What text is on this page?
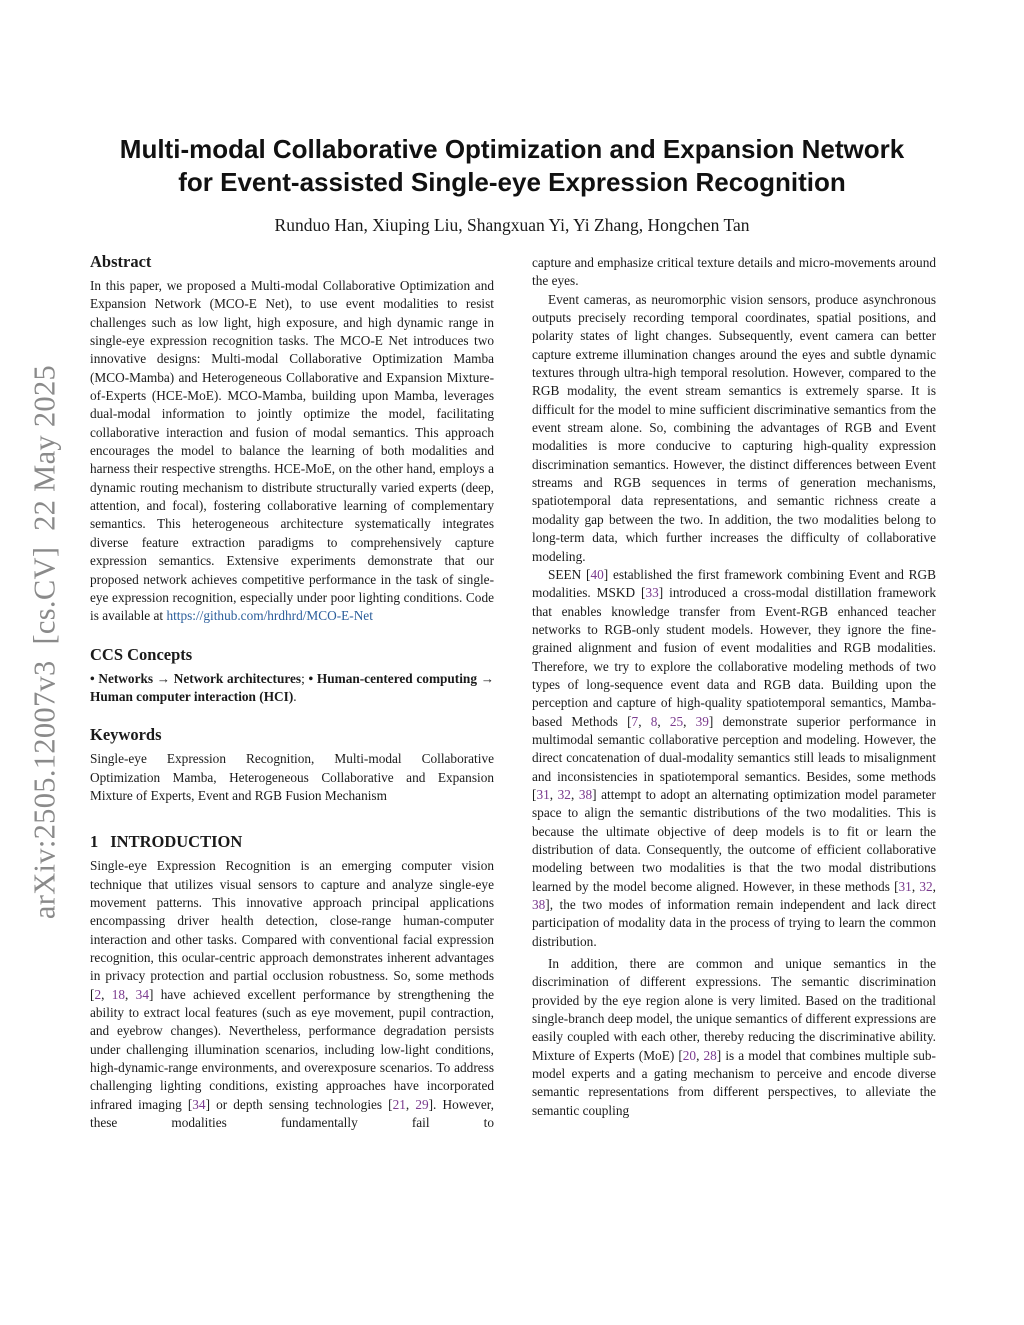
arXiv:2505.12007v3  [cs.CV]  22 May 2025
Multi-modal Collaborative Optimization and Expansion Network
for Event-assisted Single-eye Expression Recognition
Runduo Han, Xiuping Liu, Shangxuan Yi, Yi Zhang, Hongchen Tan
Abstract

In this paper, we proposed a Multi-modal Collaborative Optimization and Expansion Network (MCO-E Net), to use event modalities to resist challenges such as low light, high exposure, and high dynamic range in single-eye expression recognition tasks. The MCO-E Net introduces two innovative designs: Multi-modal Collaborative Optimization Mamba (MCO-Mamba) and Heterogeneous Collaborative and Expansion Mixture-of-Experts (HCE-MoE). MCO-Mamba, building upon Mamba, leverages dual-modal information to jointly optimize the model, facilitating collaborative interaction and fusion of modal semantics. This approach encourages the model to balance the learning of both modalities and harness their respective strengths. HCE-MoE, on the other hand, employs a dynamic routing mechanism to distribute structurally varied experts (deep, attention, and focal), fostering collaborative learning of complementary semantics. This heterogeneous architecture systematically integrates diverse feature extraction paradigms to comprehensively capture expression semantics. Extensive experiments demonstrate that our proposed network achieves competitive performance in the task of single-eye expression recognition, especially under poor lighting conditions. Code is available at https://github.com/hrdhrd/MCO-E-Net

CCS Concepts

• Networks → Network architectures; • Human-centered computing → Human computer interaction (HCI).

Keywords

Single-eye Expression Recognition, Multi-modal Collaborative Optimization Mamba, Heterogeneous Collaborative and Expansion Mixture of Experts, Event and RGB Fusion Mechanism

1 INTRODUCTION

Single-eye Expression Recognition is an emerging computer vision technique that utilizes visual sensors to capture and analyze single-eye movement patterns. This innovative approach principal applications encompassing driver health detection, close-range human-computer interaction and other tasks. Compared with conventional facial expression recognition, this ocular-centric approach demonstrates inherent advantages in privacy protection and partial occlusion robustness. So, some methods [2, 18, 34] have achieved excellent performance by strengthening the ability to extract local features (such as eye movement, pupil contraction, and eyebrow changes). Nevertheless, performance degradation persists under challenging illumination scenarios, including low-light conditions, high-dynamic-range environments, and overexposure scenarios. To address challenging lighting conditions, existing approaches have incorporated infrared imaging [34] or depth sensing technologies [21, 29]. However, these modalities fundamentally fail to

capture and emphasize critical texture details and micro-movements around the eyes.

Event cameras, as neuromorphic vision sensors, produce asynchronous outputs precisely recording temporal coordinates, spatial positions, and polarity states of light changes. Subsequently, event camera can better capture extreme illumination changes around the eyes and subtle dynamic textures through ultra-high temporal resolution. However, compared to the RGB modality, the event stream semantics is extremely sparse. It is difficult for the model to mine sufficient discriminative semantics from the event stream alone. So, combining the advantages of RGB and Event modalities is more conducive to capturing high-quality expression discrimination semantics. However, the distinct differences between Event streams and RGB sequences in terms of generation mechanisms, spatiotemporal data representations, and semantic richness create a modality gap between the two. In addition, the two modalities belong to long-term data, which further increases the difficulty of collaborative modeling.

SEEN [40] established the first framework combining Event and RGB modalities. MSKD [33] introduced a cross-modal distillation framework that enables knowledge transfer from Event-RGB enhanced teacher networks to RGB-only student models. However, they ignore the fine-grained alignment and fusion of event modalities and RGB modalities. Therefore, we try to explore the collaborative modeling methods of two types of long-sequence event data and RGB data. Building upon the perception and capture of high-quality spatiotemporal semantics, Mamba-based Methods [7, 8, 25, 39] demonstrate superior performance in multimodal semantic collaborative perception and modeling. However, the direct concatenation of dual-modality semantics still leads to misalignment and inconsistencies in spatiotemporal semantics. Besides, some methods [31, 32, 38] attempt to adopt an alternating optimization model parameter space to align the semantic distributions of the two modalities. This is because the ultimate objective of deep models is to fit or learn the distribution of data. Consequently, the outcome of efficient collaborative modeling between two modalities is that the two modal distributions learned by the model become aligned. However, in these methods [31, 32, 38], the two modes of information remain independent and lack direct participation of modality data in the process of trying to learn the common distribution.

In addition, there are common and unique semantics in the discrimination of different expressions. The semantic discrimination provided by the eye region alone is very limited. Based on the traditional single-branch deep model, the unique semantics of different expressions are easily coupled with each other, thereby reducing the discriminative ability. Mixture of Experts (MoE) [20, 28] is a model that combines multiple sub-model experts and a gating mechanism to perceive and encode diverse semantic representations from different perspectives, to alleviate the semantic coupling
